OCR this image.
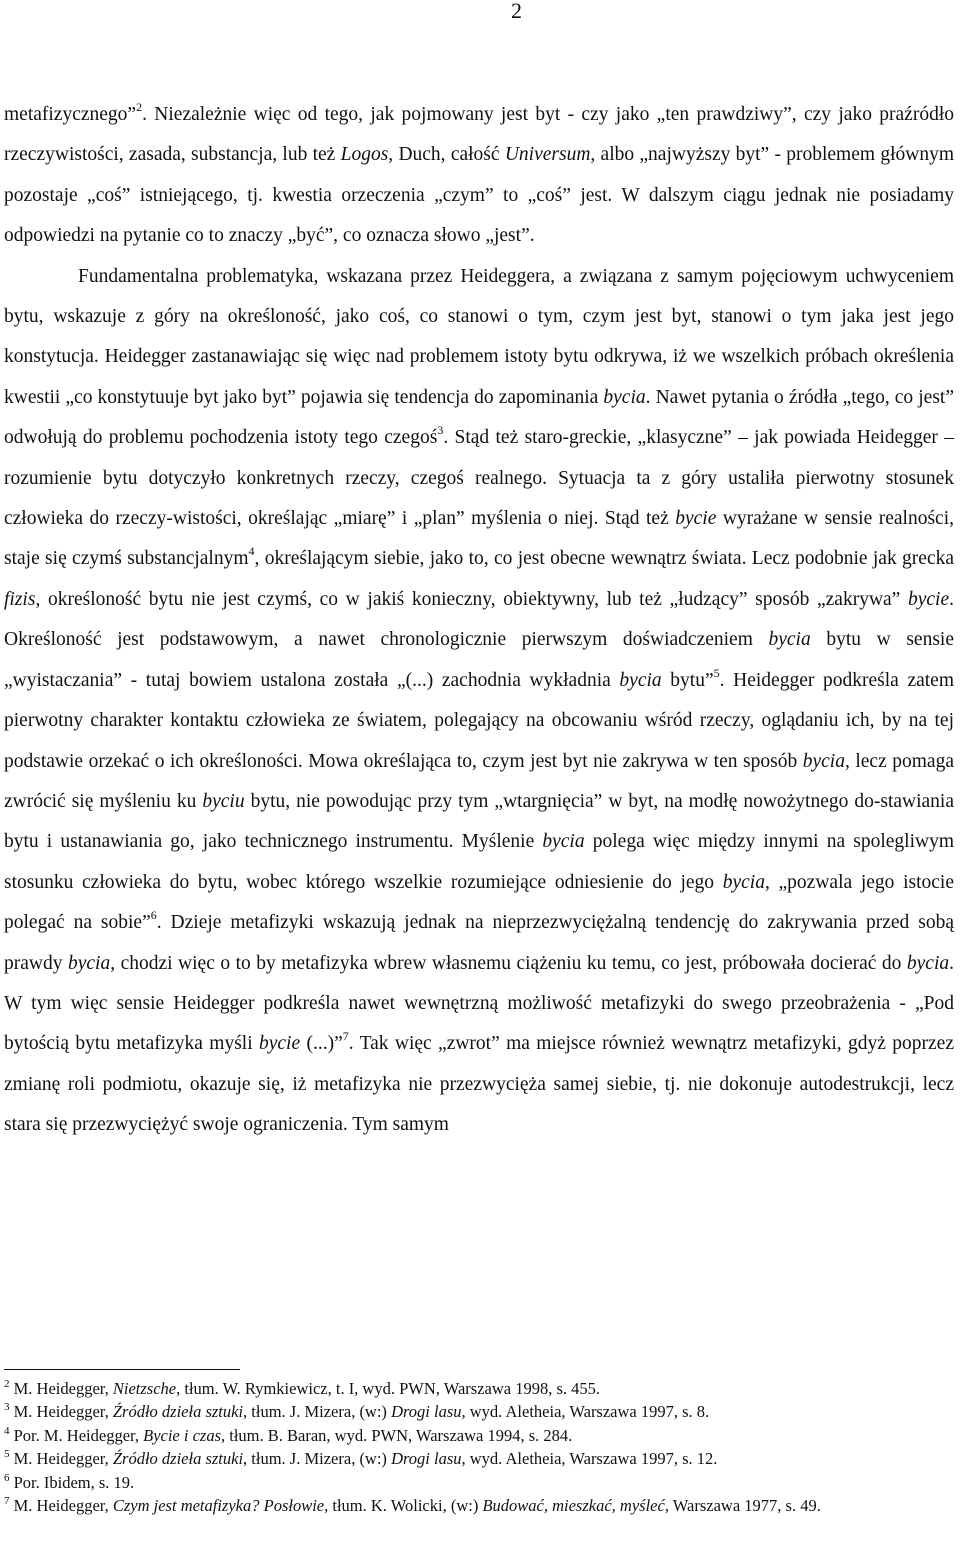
2

metafizycznego”$^2$. Niezależnie więc od tego, jak pojmowany jest byt - czy jako „ten prawdziwy”, czy jako praźródło rzeczywistości, zasada, substancja, lub też Logos, Duch, całość Universum, albo „najwyższy byt” - problemem głównym pozostaje „coś” istniejącego, tj. kwestia orzeczenia „czym” to „coś” jest. W dalszym ciągu jednak nie posiadamy odpowiedzi na pytanie co to znaczy „być”, co oznacza słowo „jest”.

Fundamentalna problematyka, wskazana przez Heideggera, a związana z samym pojęciowym uchwyceniem bytu, wskazuje z góry na określoność, jako coś, co stanowi o tym, czym jest byt, stanowi o tym jaka jest jego konstytucja. Heidegger zastanawiając się więc nad problemem istoty bytu odkrywa, iż we wszelkich próbach określenia kwestii „co konstytuuje byt jako byt” pojawia się tendencja do zapominania bycia. Nawet pytania o źródła „tego, co jest” odwołują do problemu pochodzenia istoty tego czegoś$^3$. Stąd też staro-greckie, „klasyczne” – jak powiada Heidegger – rozumienie bytu dotyczyło konkretnych rzeczy, czegoś realnego. Sytuacja ta z góry ustaliła pierwotny stosunek człowieka do rzeczy-wistości, określając „miarę” i „plan” myślenia o niej. Stąd też bycie wyrażane w sensie realności, staje się czymś substancjalnym$^4$, określającym siebie, jako to, co jest obecne wewnątrz świata. Lecz podobnie jak grecka fizis, określoność bytu nie jest czymś, co w jakiś konieczny, obiektywny, lub też „łudzący” sposób „zakrywa” bycie. Określoność jest podstawowym, a nawet chronologicznie pierwszym doświadczeniem bycia bytu w sensie „wyistaczania” - tutaj bowiem ustalona została „(...) zachodnia wykładnia bycia bytu”$^5$. Heidegger podkreśla zatem pierwotny charakter kontaktu człowieka ze światem, polegający na obcowaniu wśród rzeczy, oglądaniu ich, by na tej podstawie orzekać o ich określoności. Mowa określająca to, czym jest byt nie zakrywa w ten sposób bycia, lecz pomaga zwrócić się myśleniu ku byciu bytu, nie powodując przy tym „wtargnięcia” w byt, na modłę nowożytnego do-stawiania bytu i ustanawiania go, jako technicznego instrumentu. Myślenie bycia polega więc między innymi na spolegliwym stosunku człowieka do bytu, wobec którego wszelkie rozumiejące odniesienie do jego bycia, „pozwala jego istocie polegać na sobie”$^6$. Dzieje metafizyki wskazują jednak na nieprzezwyciężalną tendencję do zakrywania przed sobą prawdy bycia, chodzi więc o to by metafizyka wbrew własnemu ciążeniu ku temu, co jest, próbowała docierać do bycia. W tym więc sensie Heidegger podkreśla nawet wewnętrzną możliwość metafizyki do swego przeobrażenia - „Pod bytością bytu metafizyka myśli bycie (...)”$^7$. Tak więc „zwrot” ma miejsce również wewnątrz metafizyki, gdyż poprzez zmianę roli podmiotu, okazuje się, iż metafizyka nie przezwycięża samej siebie, tj. nie dokonuje autodestrukcji, lecz stara się przezwyciężyć swoje ograniczenia. Tym samym

$^2$ M. Heidegger, Nietzsche, tłum. W. Rymkiewicz, t. I, wyd. PWN, Warszawa 1998, s. 455.
$^3$ M. Heidegger, Źródło dzieła sztuki, tłum. J. Mizera, (w:) Drogi lasu, wyd. Aletheia, Warszawa 1997, s. 8.
$^4$ Por. M. Heidegger, Bycie i czas, tłum. B. Baran, wyd. PWN, Warszawa 1994, s. 284.
$^5$ M. Heidegger, Źródło dzieła sztuki, tłum. J. Mizera, (w:) Drogi lasu, wyd. Aletheia, Warszawa 1997, s. 12.
$^6$ Por. Ibidem, s. 19.
$^7$ M. Heidegger, Czym jest metafizyka? Posłowie, tłum. K. Wolicki, (w:) Budować, mieszkać, myśleć, Warszawa 1977, s. 49.
